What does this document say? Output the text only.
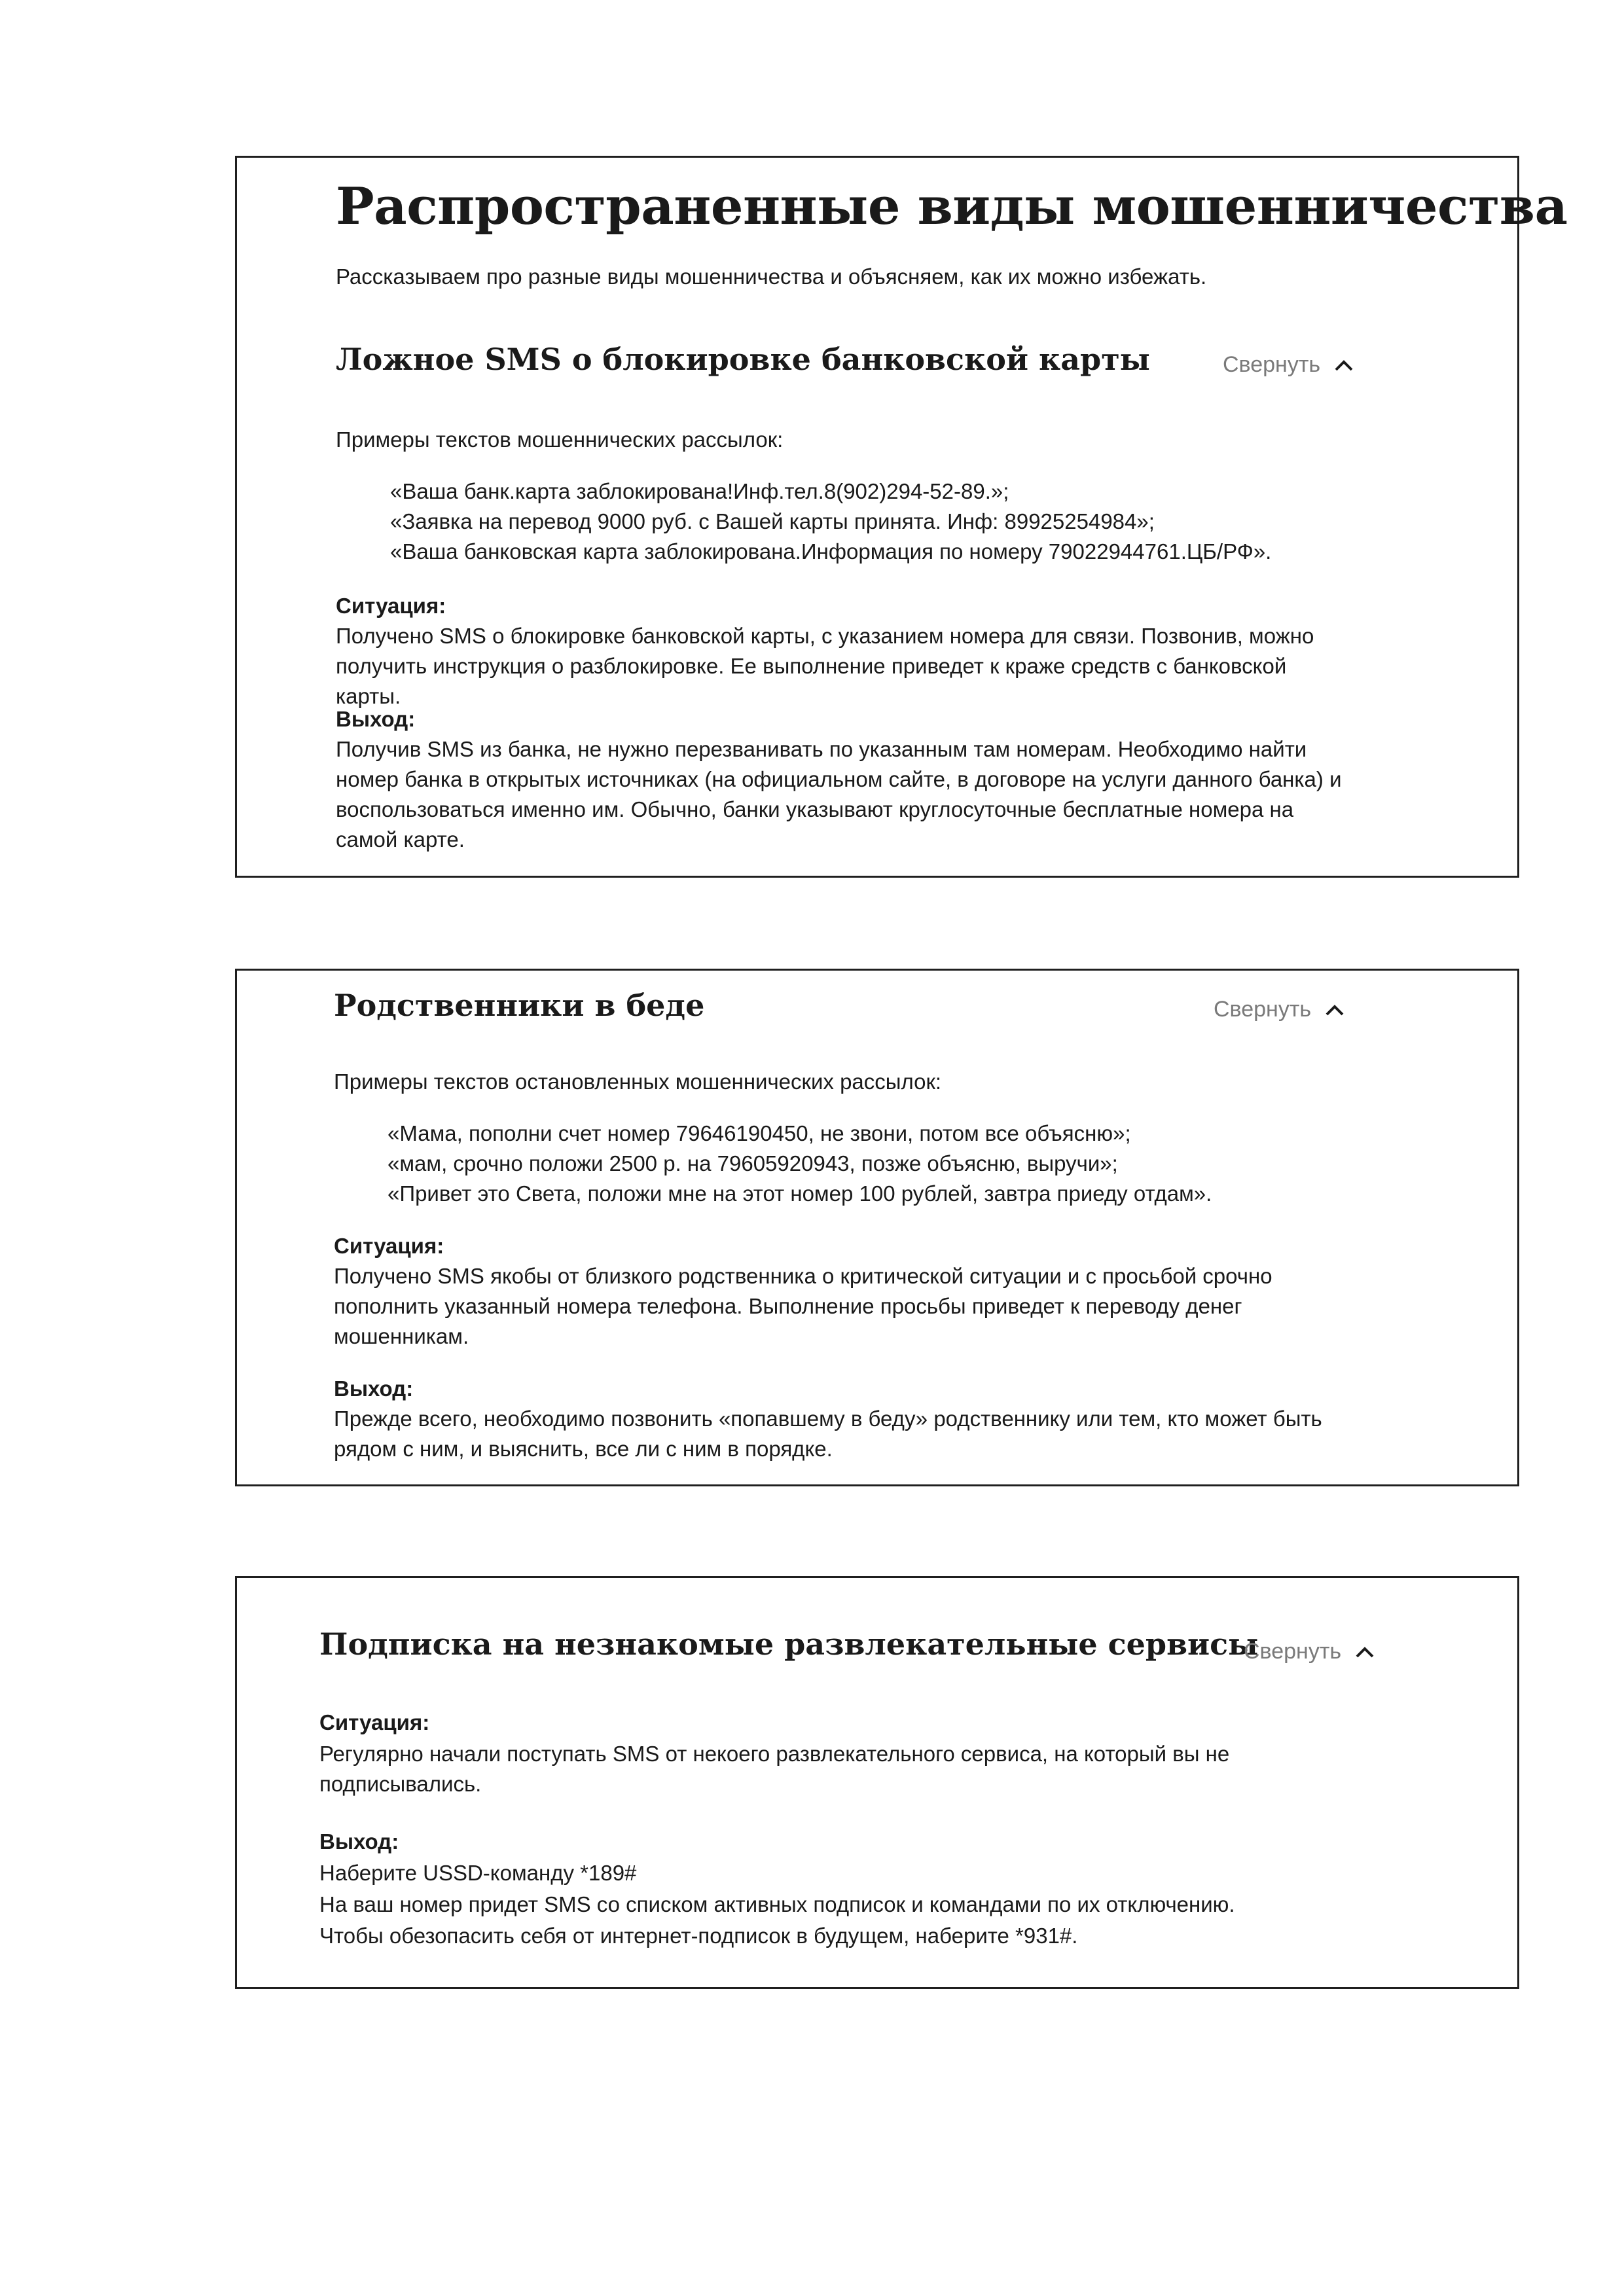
Распространенные виды мошенничества

Рассказываем про разные виды мошенничества и объясняем, как их можно избежать.

Ложное SMS о блокировке банковской карты	Свернуть

Примеры текстов мошеннических рассылок:

«Ваша банк.карта заблокирована!Инф.тел.8(902)294-52-89.»;
«Заявка на перевод 9000 руб. с Вашей карты принята. Инф: 89925254984»;
«Ваша банковская карта заблокирована.Информация по номеру 79022944761.ЦБ/РФ».

Ситуация:

Получено SMS о блокировке банковской карты, с указанием номера для связи. Позвонив, можно получить инструкция о разблокировке. Ее выполнение приведет к краже средств с банковской карты.

Выход:

Получив SMS из банка, не нужно перезванивать по указанным там номерам. Необходимо найти номер банка в открытых источниках (на официальном сайте, в договоре на услуги данного банка) и воспользоваться именно им. Обычно, банки указывают круглосуточные бесплатные номера на самой карте.

Родственники в беде	Свернуть

Примеры текстов остановленных мошеннических рассылок:

«Мама, пополни счет номер 79646190450, не звони, потом все объясню»;
«мам, срочно положи 2500 р. на 79605920943, позже объясню, выручи»;
«Привет это Света, положи мне на этот номер 100 рублей, завтра приеду отдам».

Ситуация:

Получено SMS якобы от близкого родственника о критической ситуации и с просьбой срочно пополнить указанный номера телефона. Выполнение просьбы приведет к переводу денег мошенникам.

Выход:

Прежде всего, необходимо позвонить «попавшему в беду» родственнику или тем, кто может быть рядом с ним, и выяснить, все ли с ним в порядке.

Подписка на незнакомые развлекательные сервисы
Свернуть

Ситуация:

Регулярно начали поступать SMS от некоего развлекательного сервиса, на который вы не подписывались.

Выход:

Наберите USSD-команду *189#

На ваш номер придет SMS со списком активных подписок и командами по их отключению.

Чтобы обезопасить себя от интернет-подписок в будущем, наберите *931#.
